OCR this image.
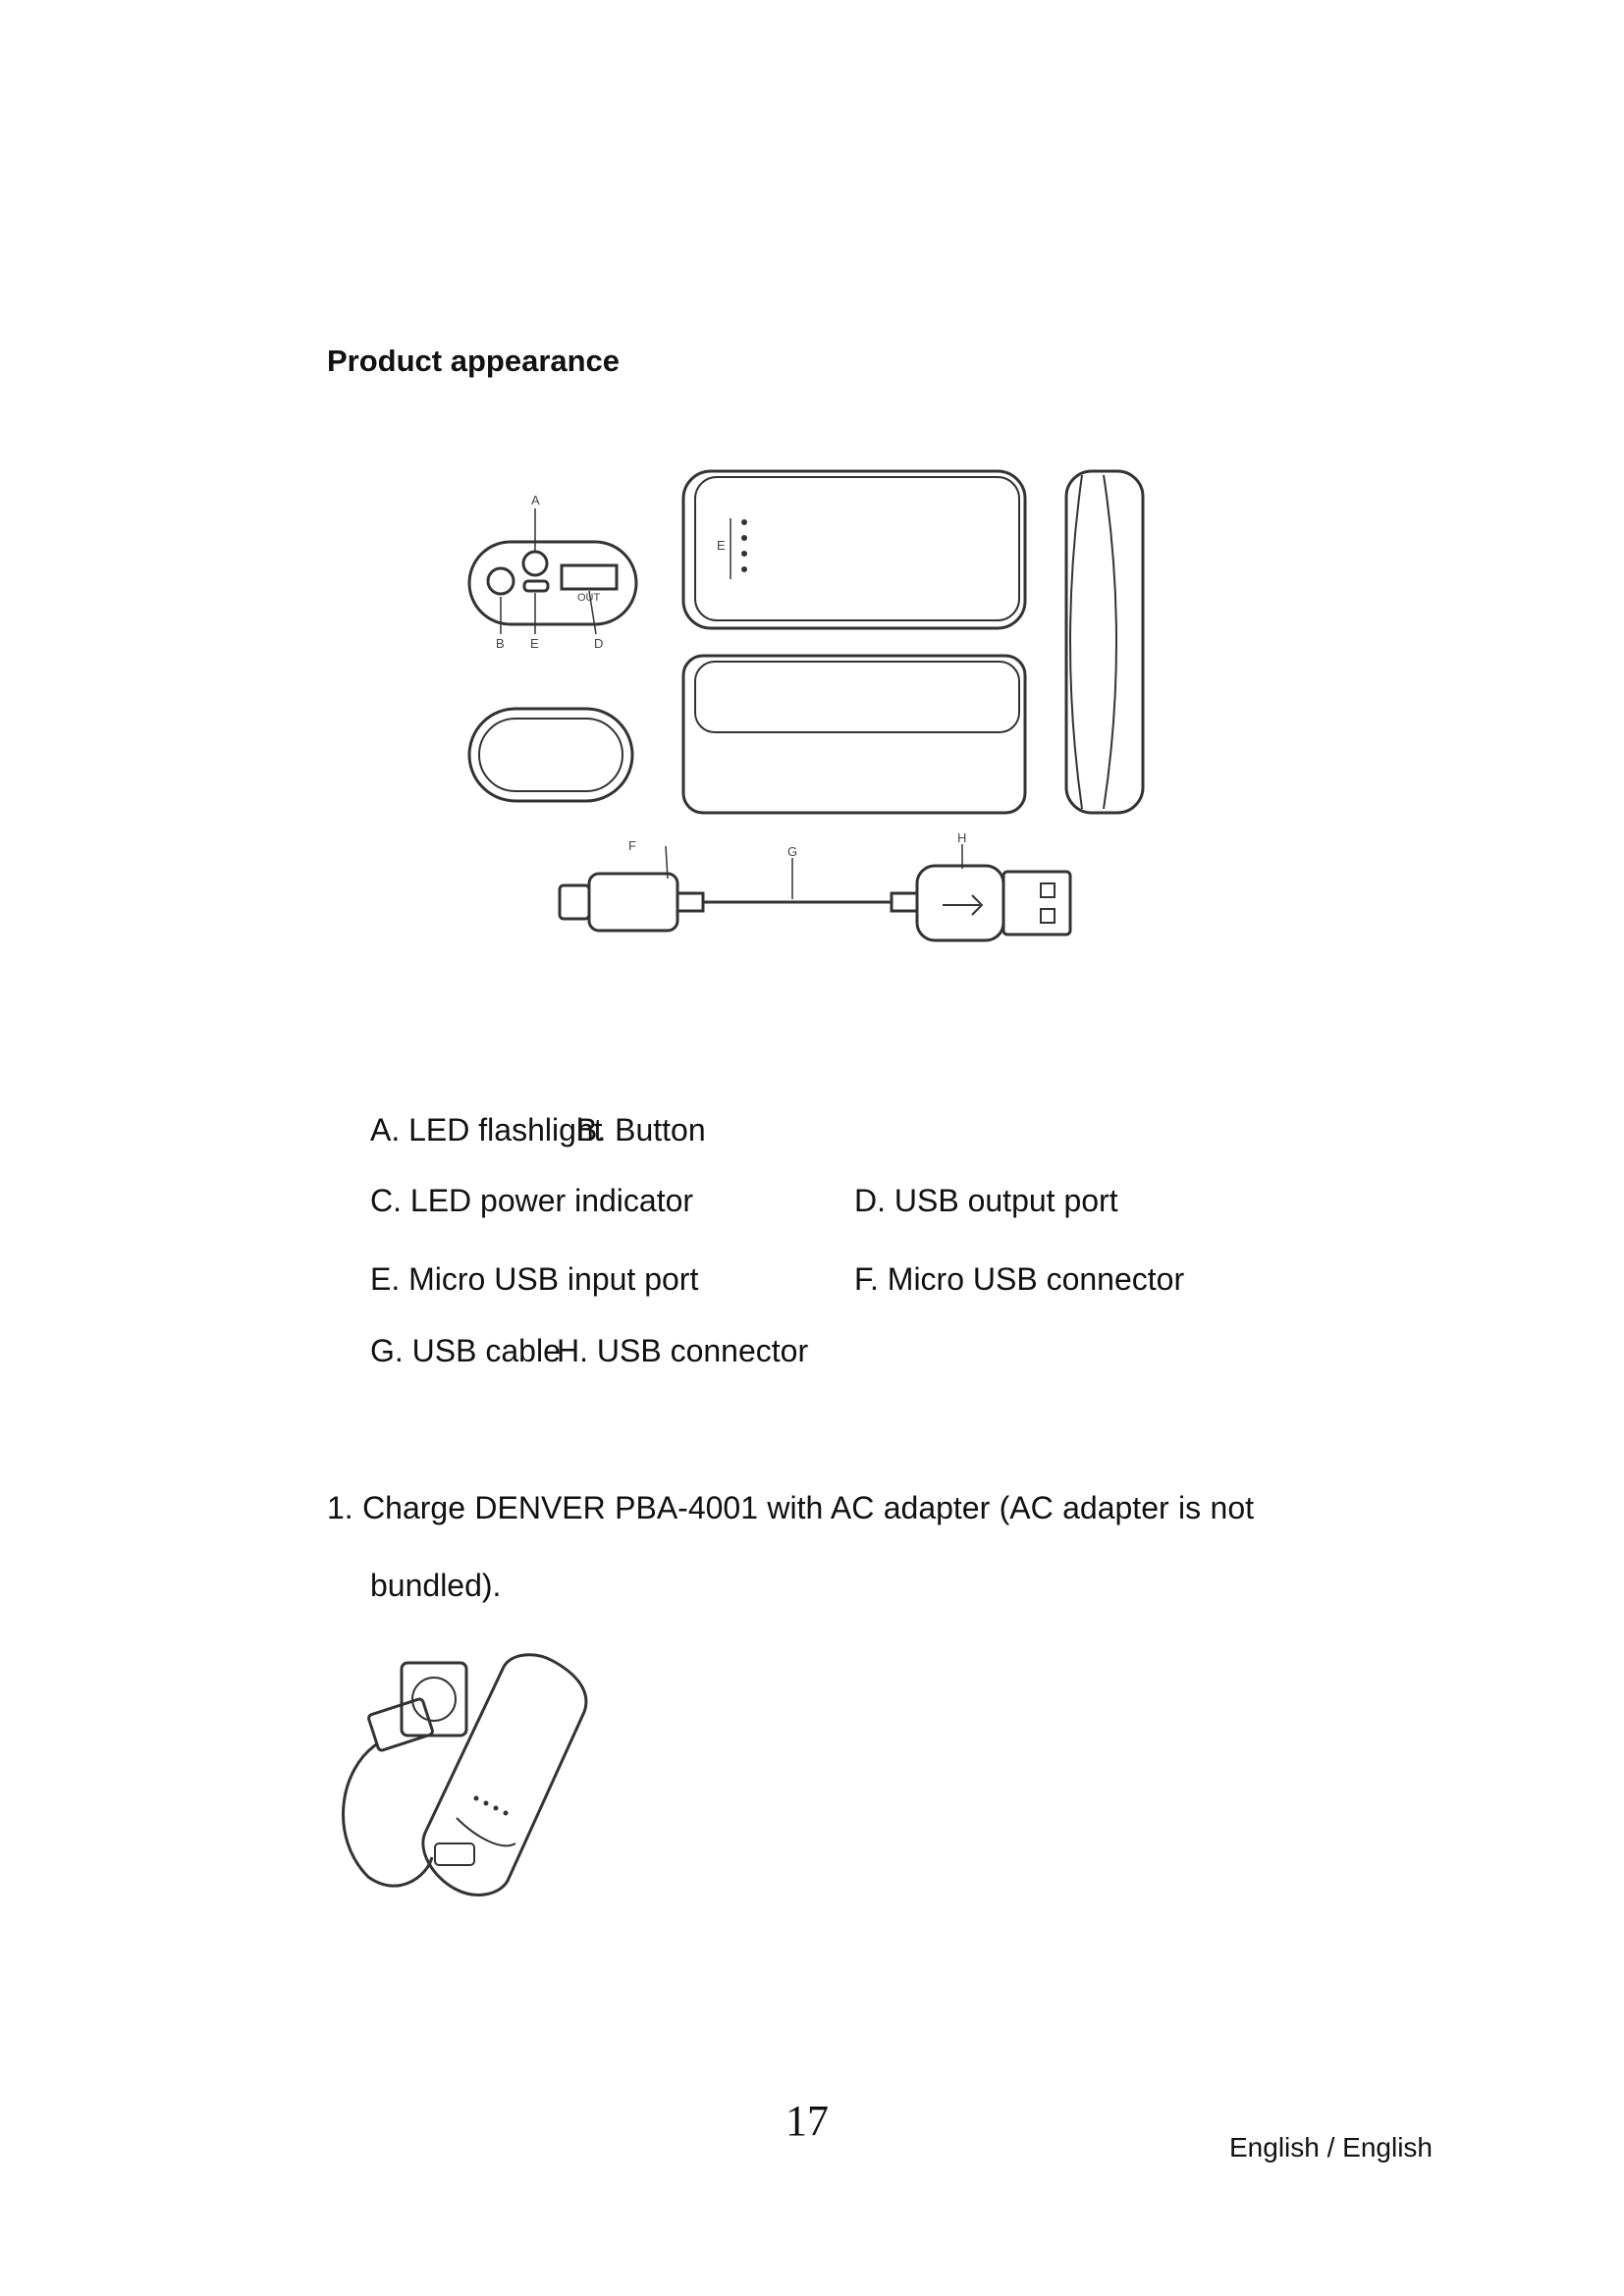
Product appearance
A
B E	D
E
F	G
H
OUT
A. LED flashlight
B. Button
C. LED power indicator	D. USB output port
E. Micro USB input port	F. Micro USB connector
G. USB cable
H. USB connector
1. Charge DENVER PBA-4001 with AC adapter (AC adapter is not
bundled).
17
English / English
